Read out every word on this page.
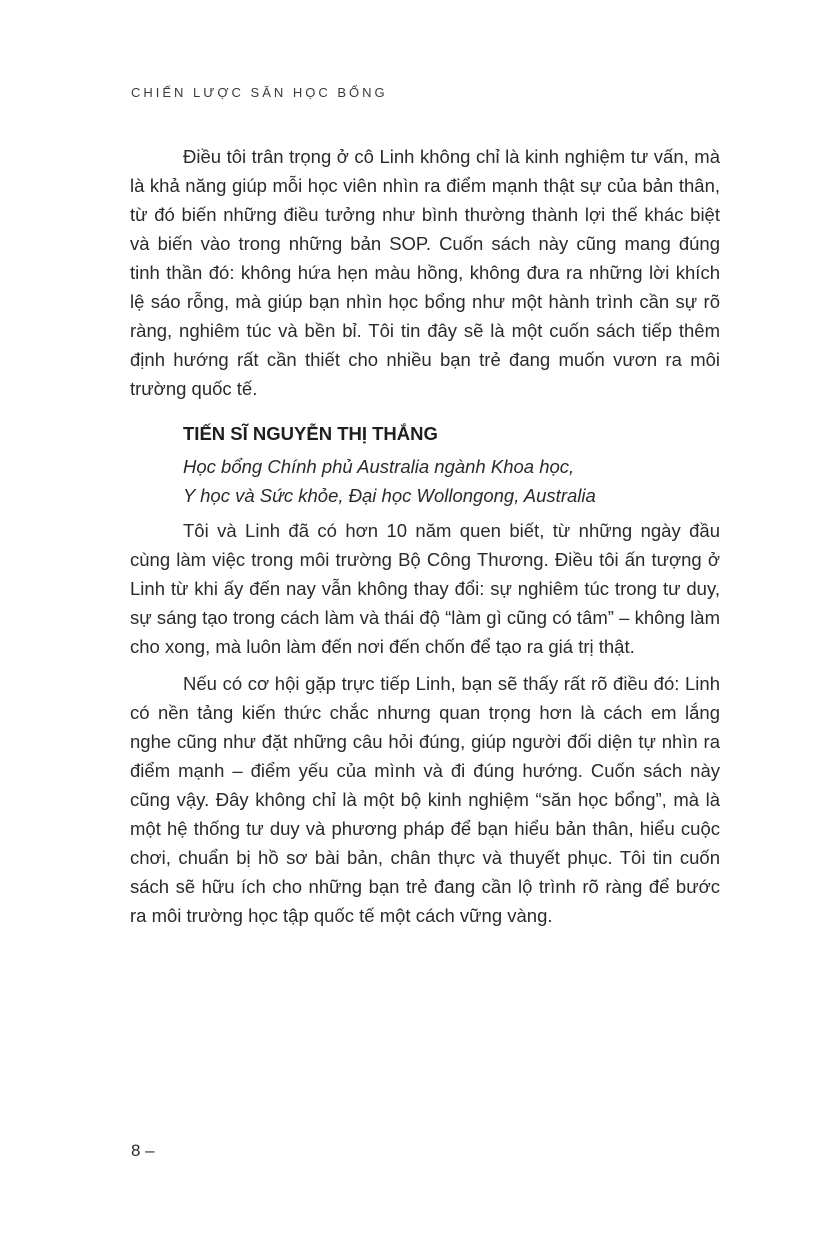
CHIẾN LƯỢC SĂN HỌC BỔNG

Điều tôi trân trọng ở cô Linh không chỉ là kinh nghiệm tư vấn, mà là khả năng giúp mỗi học viên nhìn ra điểm mạnh thật sự của bản thân, từ đó biến những điều tưởng như bình thường thành lợi thế khác biệt và biến vào trong những bản SOP. Cuốn sách này cũng mang đúng tinh thần đó: không hứa hẹn màu hồng, không đưa ra những lời khích lệ sáo rỗng, mà giúp bạn nhìn học bổng như một hành trình cần sự rõ ràng, nghiêm túc và bền bỉ. Tôi tin đây sẽ là một cuốn sách tiếp thêm định hướng rất cần thiết cho nhiều bạn trẻ đang muốn vươn ra môi trường quốc tế.

TIẾN SĨ NGUYỄN THỊ THẮNG

Học bổng Chính phủ Australia ngành Khoa học,
Y học và Sức khỏe, Đại học Wollongong, Australia

Tôi và Linh đã có hơn 10 năm quen biết, từ những ngày đầu cùng làm việc trong môi trường Bộ Công Thương. Điều tôi ấn tượng ở Linh từ khi ấy đến nay vẫn không thay đổi: sự nghiêm túc trong tư duy, sự sáng tạo trong cách làm và thái độ “làm gì cũng có tâm” – không làm cho xong, mà luôn làm đến nơi đến chốn để tạo ra giá trị thật.

Nếu có cơ hội gặp trực tiếp Linh, bạn sẽ thấy rất rõ điều đó: Linh có nền tảng kiến thức chắc nhưng quan trọng hơn là cách em lắng nghe cũng như đặt những câu hỏi đúng, giúp người đối diện tự nhìn ra điểm mạnh – điểm yếu của mình và đi đúng hướng. Cuốn sách này cũng vậy. Đây không chỉ là một bộ kinh nghiệm “săn học bổng”, mà là một hệ thống tư duy và phương pháp để bạn hiểu bản thân, hiểu cuộc chơi, chuẩn bị hồ sơ bài bản, chân thực và thuyết phục. Tôi tin cuốn sách sẽ hữu ích cho những bạn trẻ đang cần lộ trình rõ ràng để bước ra môi trường học tập quốc tế một cách vững vàng.

8 –
